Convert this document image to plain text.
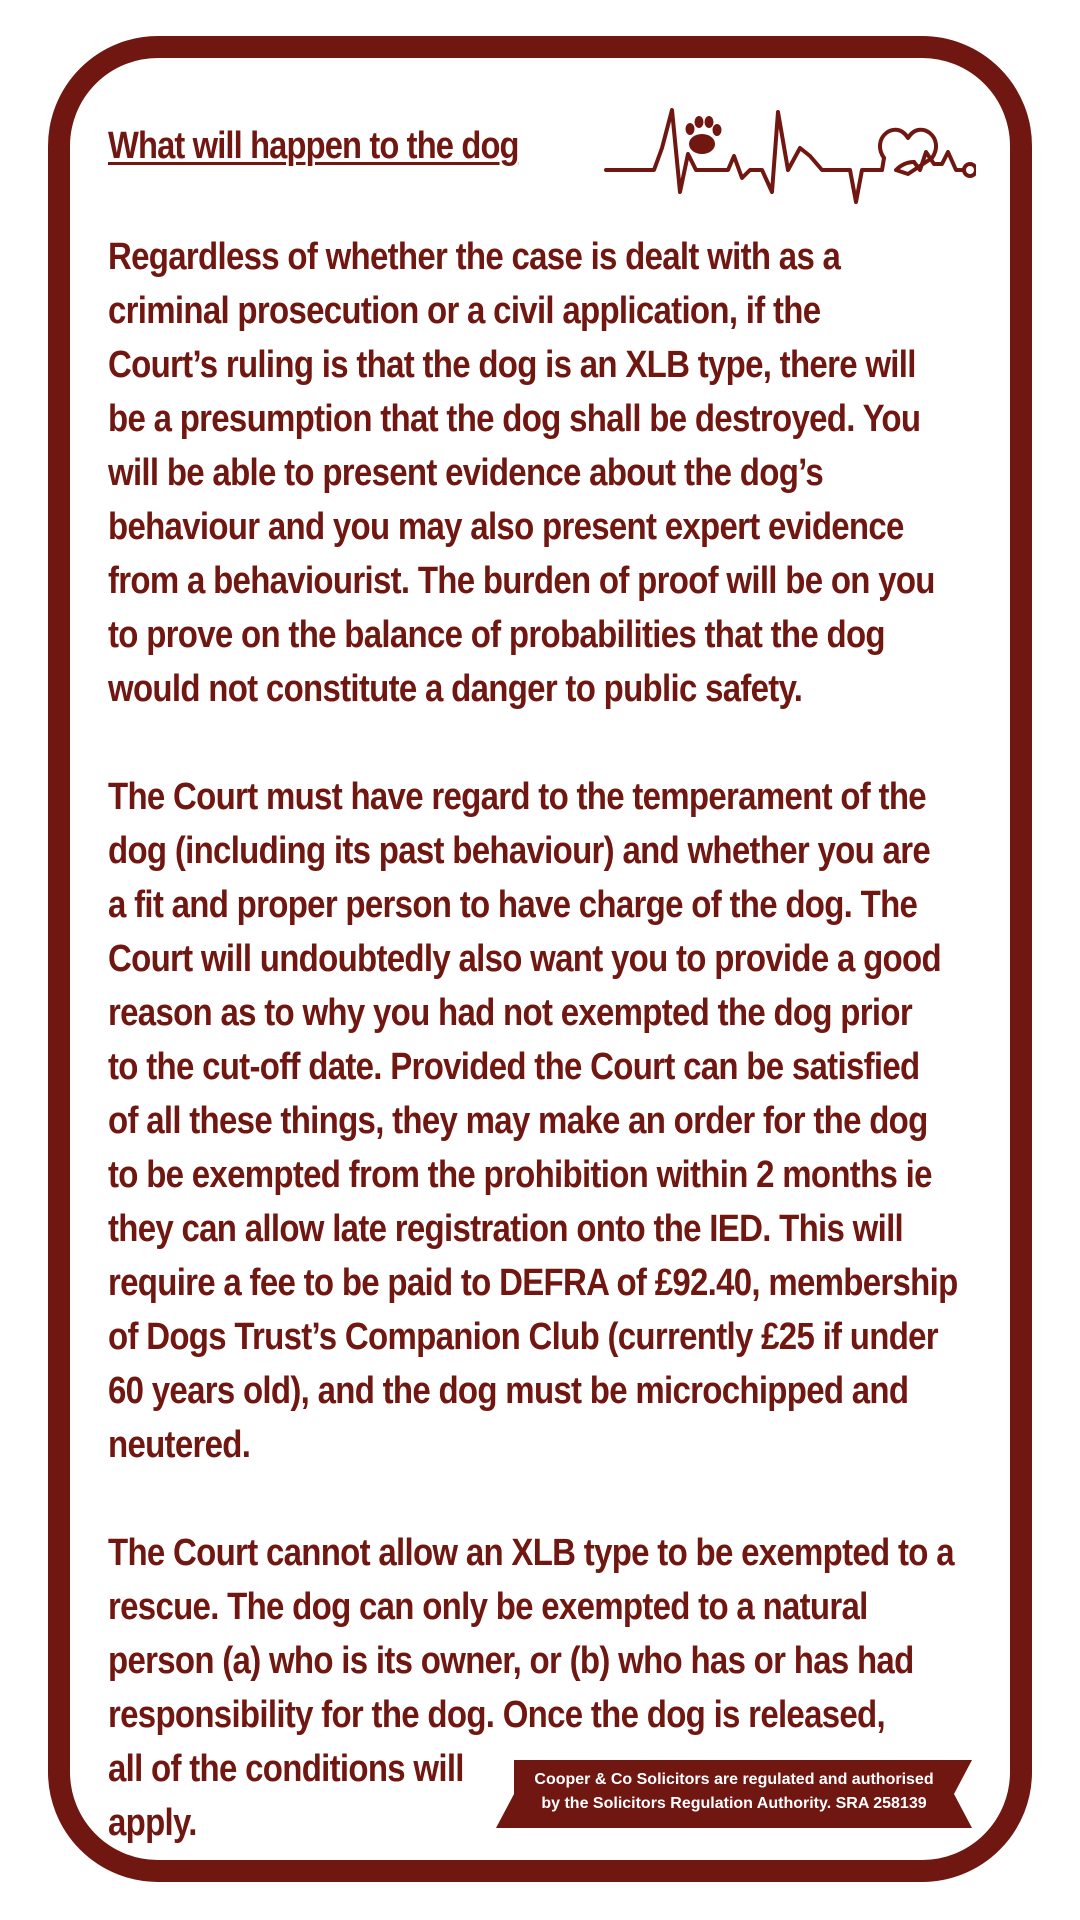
What will happen to the dog

Regardless of whether the case is dealt with as a
criminal prosecution or a civil application, if the
Court’s ruling is that the dog is an XLB type, there will
be a presumption that the dog shall be destroyed. You
will be able to present evidence about the dog’s
behaviour and you may also present expert evidence
from a behaviourist. The burden of proof will be on you
to prove on the balance of probabilities that the dog
would not constitute a danger to public safety.

The Court must have regard to the temperament of the
dog (including its past behaviour) and whether you are
a fit and proper person to have charge of the dog. The
Court will undoubtedly also want you to provide a good
reason as to why you had not exempted the dog prior
to the cut-off date. Provided the Court can be satisfied
of all these things, they may make an order for the dog
to be exempted from the prohibition within 2 months ie
they can allow late registration onto the IED. This will
require a fee to be paid to DEFRA of £92.40, membership
of Dogs Trust’s Companion Club (currently £25 if under
60 years old), and the dog must be microchipped and
neutered.

The Court cannot allow an XLB type to be exempted to a
rescue. The dog can only be exempted to a natural
person (a) who is its owner, or (b) who has or has had
responsibility for the dog. Once the dog is released,
all of the conditions will
apply.

Cooper & Co Solicitors are regulated and authorised
by the Solicitors Regulation Authority. SRA 258139
